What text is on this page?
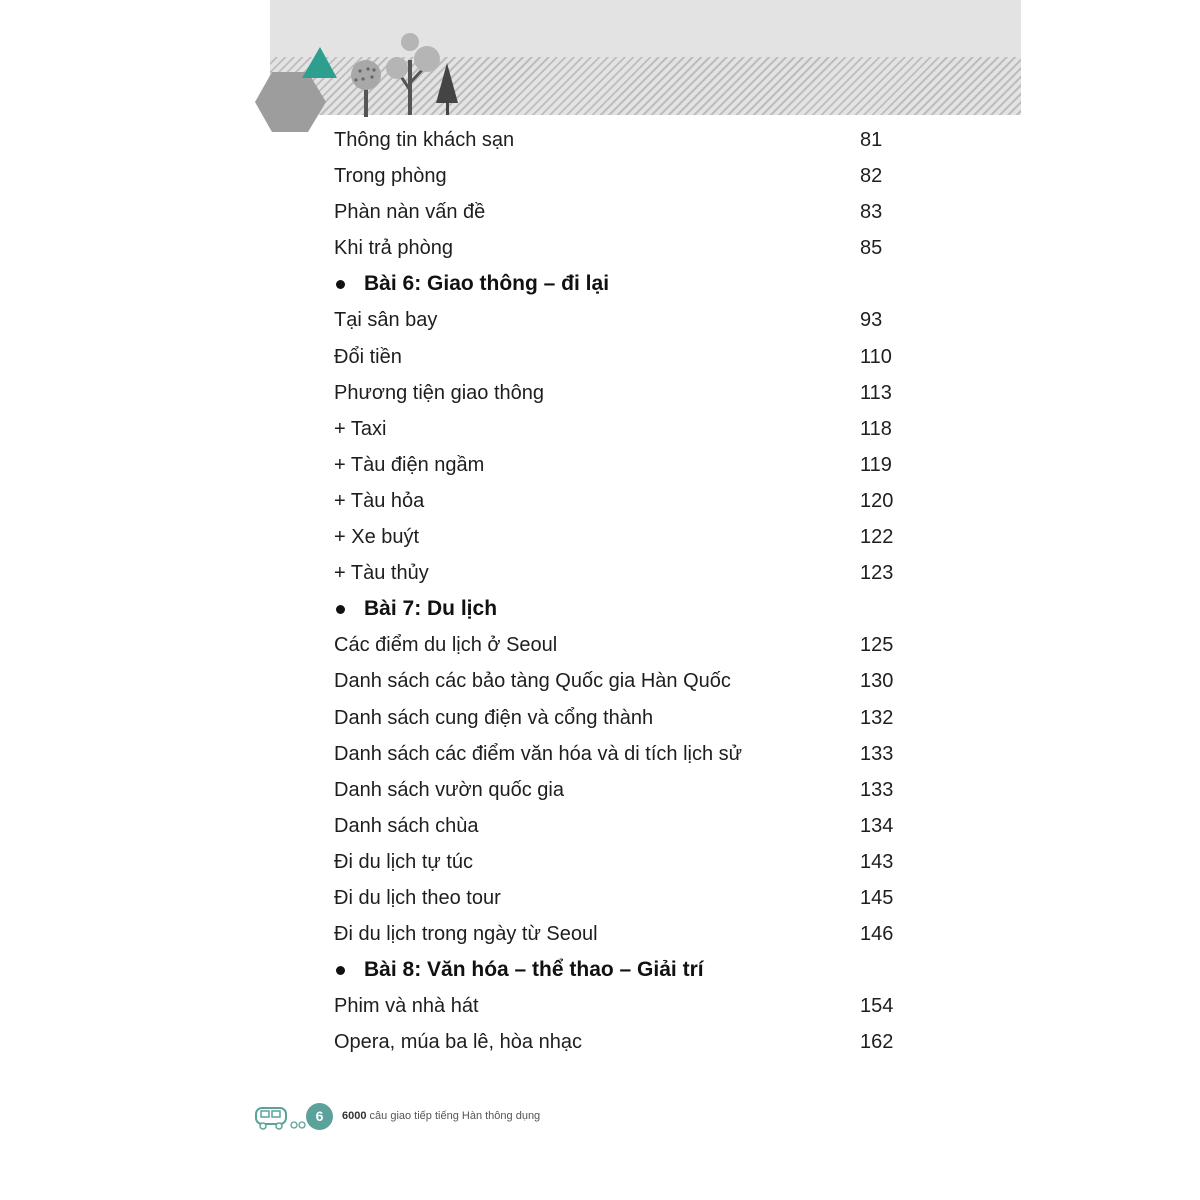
Thông tin khách sạn	81
Trong phòng	82
Phàn nàn vấn đề	83
Khi trả phòng	85
Bài 6: Giao thông – đi lại
Tại sân bay	93
Đổi tiền	110
Phương tiện giao thông	113
+ Taxi	118
+ Tàu điện ngầm	119
+ Tàu hỏa	120
+ Xe buýt	122
+ Tàu thủy	123
Bài 7: Du lịch
Các điểm du lịch ở Seoul	125
Danh sách các bảo tàng Quốc gia Hàn Quốc	130
Danh sách cung điện và cổng thành	132
Danh sách các điểm văn hóa và di tích lịch sử	133
Danh sách vườn quốc gia	133
Danh sách chùa	134
Đi du lịch tự túc	143
Đi du lịch theo tour	145
Đi du lịch trong ngày từ Seoul	146
Bài 8: Văn hóa – thể thao – Giải trí
Phim và nhà hát	154
Opera, múa ba lê, hòa nhạc	162
6	6000 câu giao tiếp tiếng Hàn thông dụng
